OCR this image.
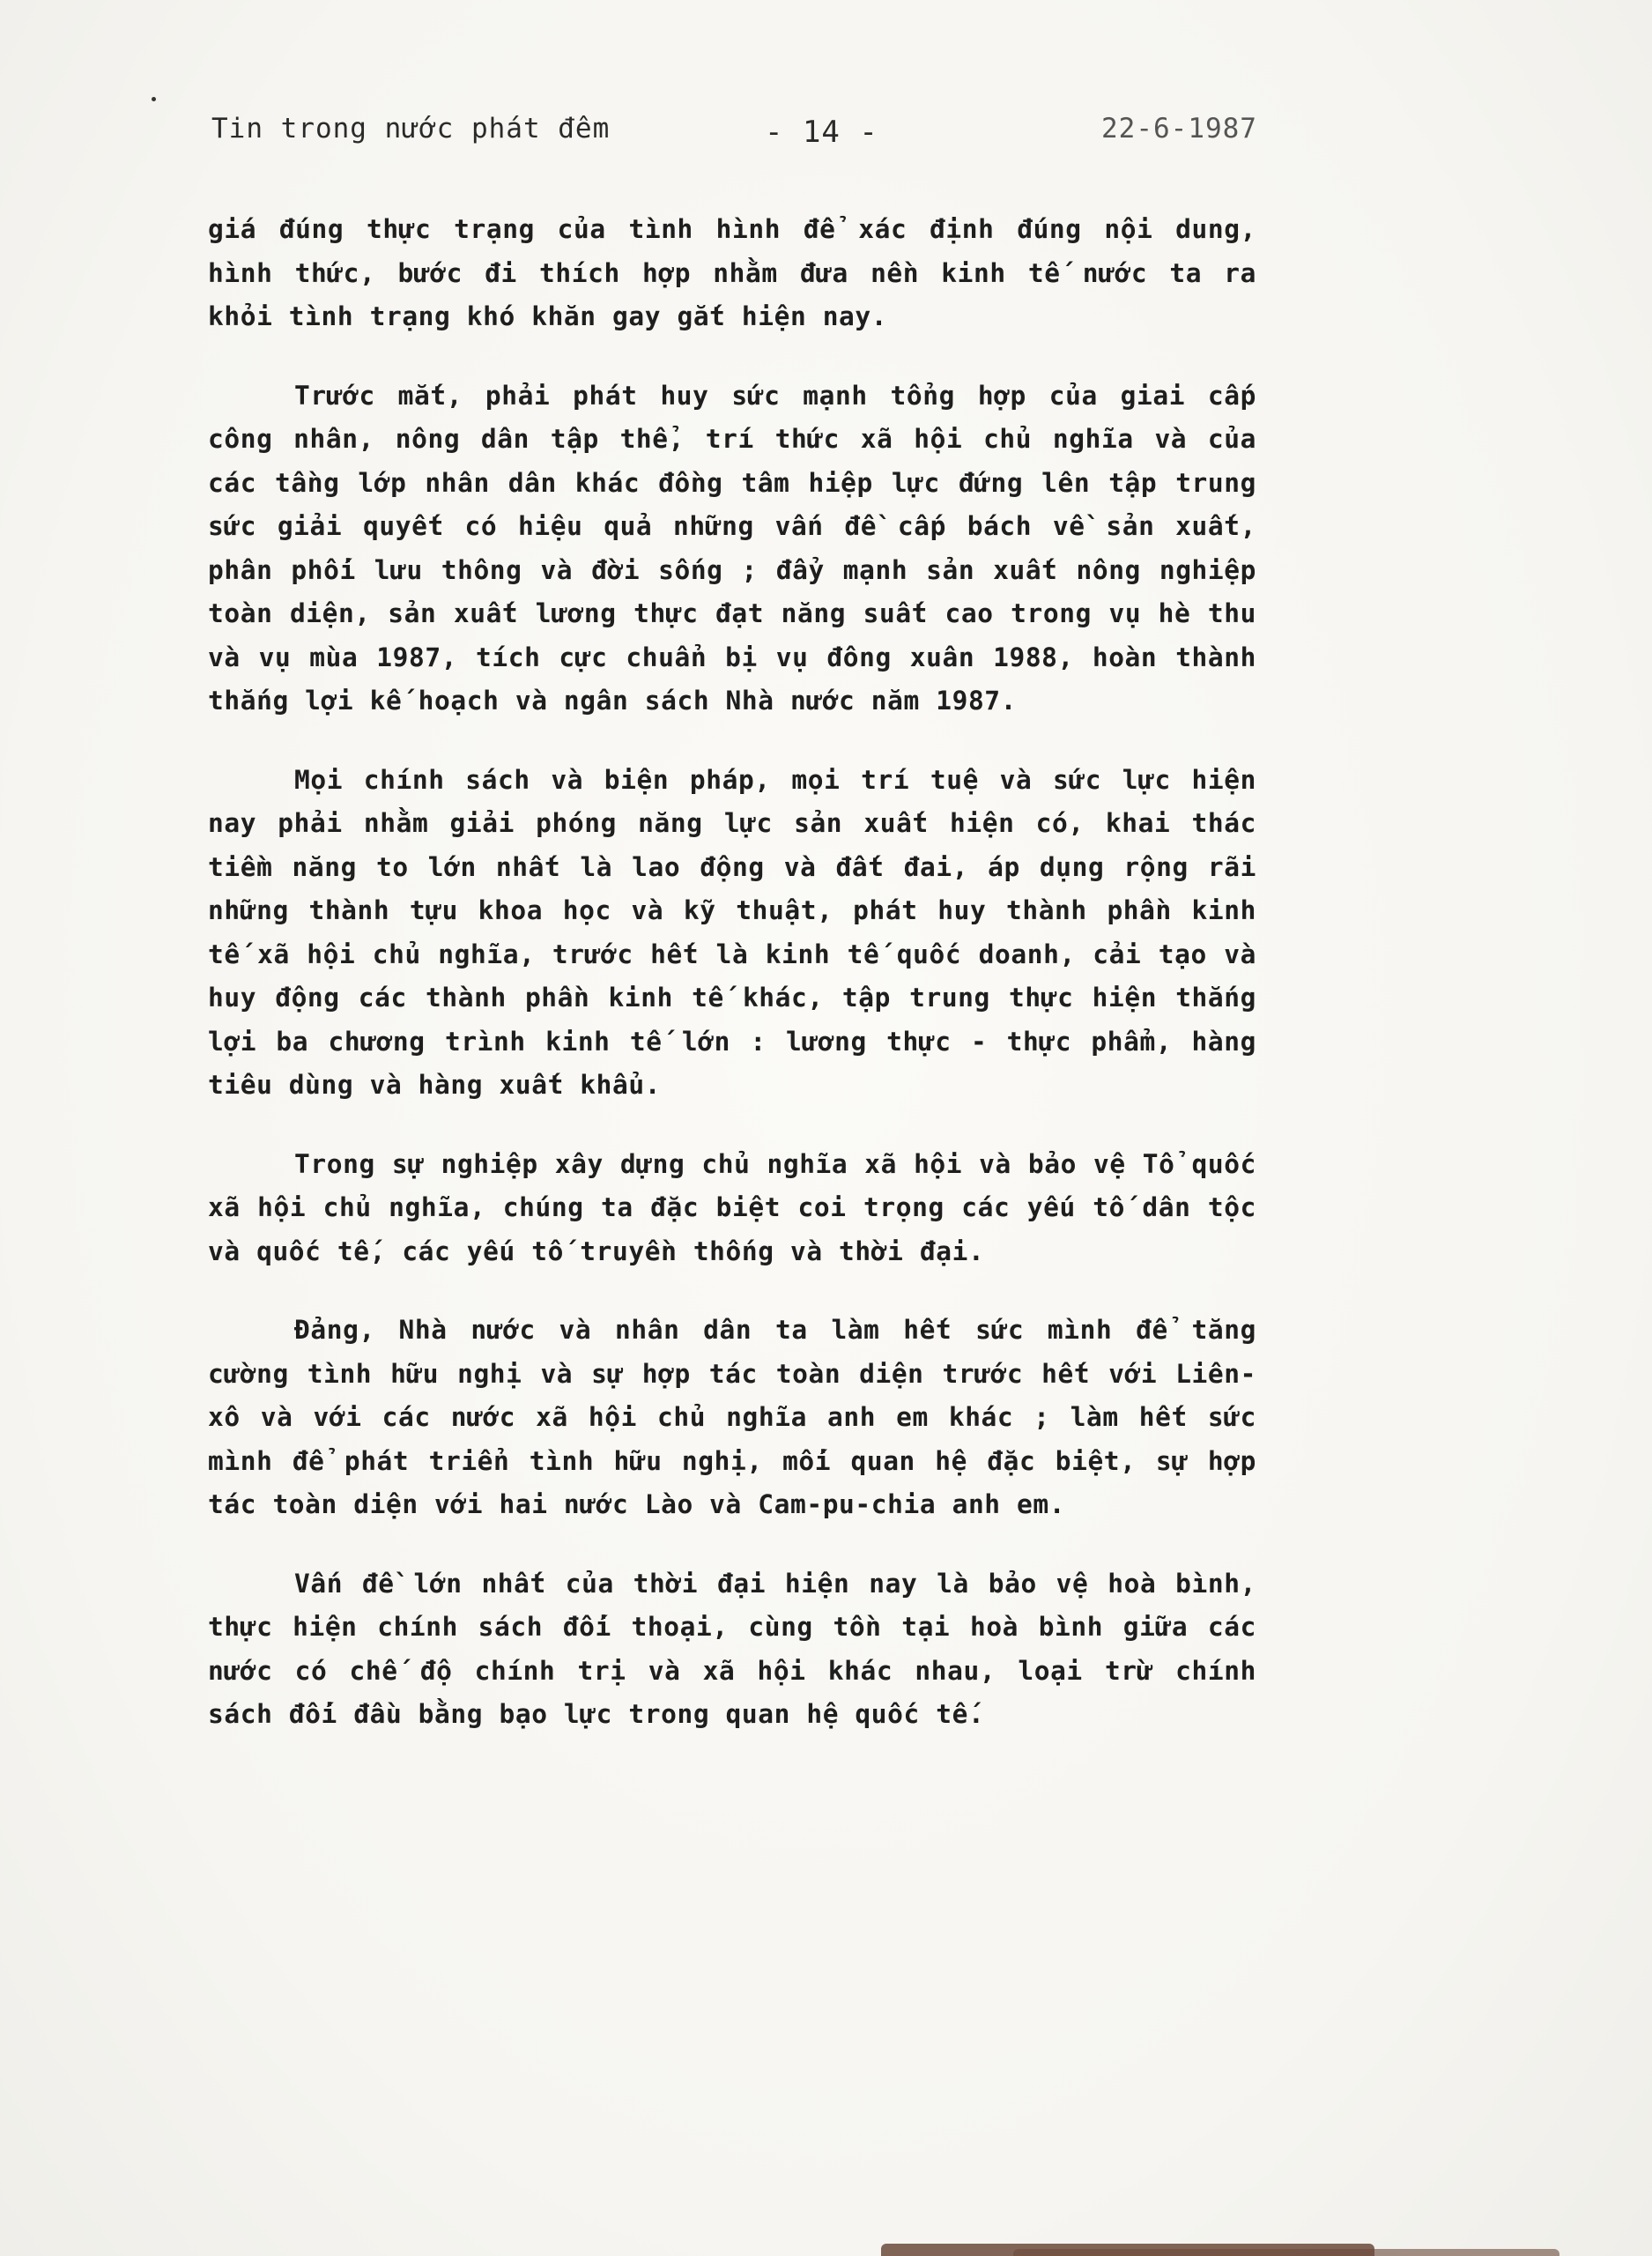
Tin trong nước phát đêm	- 14 -	22-6-1987

giá đúng thực trạng của tình hình để xác định đúng nội dung, hình thức, bước đi thích hợp nhằm đưa nền kinh tế nước ta ra khỏi tình trạng khó khăn gay gắt hiện nay.

Trước mắt, phải phát huy sức mạnh tổng hợp của giai cấp công nhân, nông dân tập thể, trí thức xã hội chủ nghĩa và của các tầng lớp nhân dân khác đồng tâm hiệp lực đứng lên tập trung sức giải quyết có hiệu quả những vấn đề cấp bách về sản xuất, phân phối lưu thông và đời sống ; đẩy mạnh sản xuất nông nghiệp toàn diện, sản xuất lương thực đạt năng suất cao trong vụ hè thu và vụ mùa 1987, tích cực chuẩn bị vụ đông xuân 1988, hoàn thành thắng lợi kế hoạch và ngân sách Nhà nước năm 1987.

Mọi chính sách và biện pháp, mọi trí tuệ và sức lực hiện nay phải nhằm giải phóng năng lực sản xuất hiện có, khai thác tiềm năng to lớn nhất là lao động và đất đai, áp dụng rộng rãi những thành tựu khoa học và kỹ thuật, phát huy thành phần kinh tế xã hội chủ nghĩa, trước hết là kinh tế quốc doanh, cải tạo và huy động các thành phần kinh tế khác, tập trung thực hiện thắng lợi ba chương trình kinh tế lớn : lương thực - thực phẩm, hàng tiêu dùng và hàng xuất khẩu.

Trong sự nghiệp xây dựng chủ nghĩa xã hội và bảo vệ Tổ quốc xã hội chủ nghĩa, chúng ta đặc biệt coi trọng các yếu tố dân tộc và quốc tế, các yếu tố truyền thống và thời đại.

Đảng, Nhà nước và nhân dân ta làm hết sức mình để tăng cường tình hữu nghị và sự hợp tác toàn diện trước hết với Liên-xô và với các nước xã hội chủ nghĩa anh em khác ; làm hết sức mình để phát triển tình hữu nghị, mối quan hệ đặc biệt, sự hợp tác toàn diện với hai nước Lào và Cam-pu-chia anh em.

Vấn đề lớn nhất của thời đại hiện nay là bảo vệ hoà bình, thực hiện chính sách đối thoại, cùng tồn tại hoà bình giữa các nước có chế độ chính trị và xã hội khác nhau, loại trừ chính sách đối đầu bằng bạo lực trong quan hệ quốc tế.
